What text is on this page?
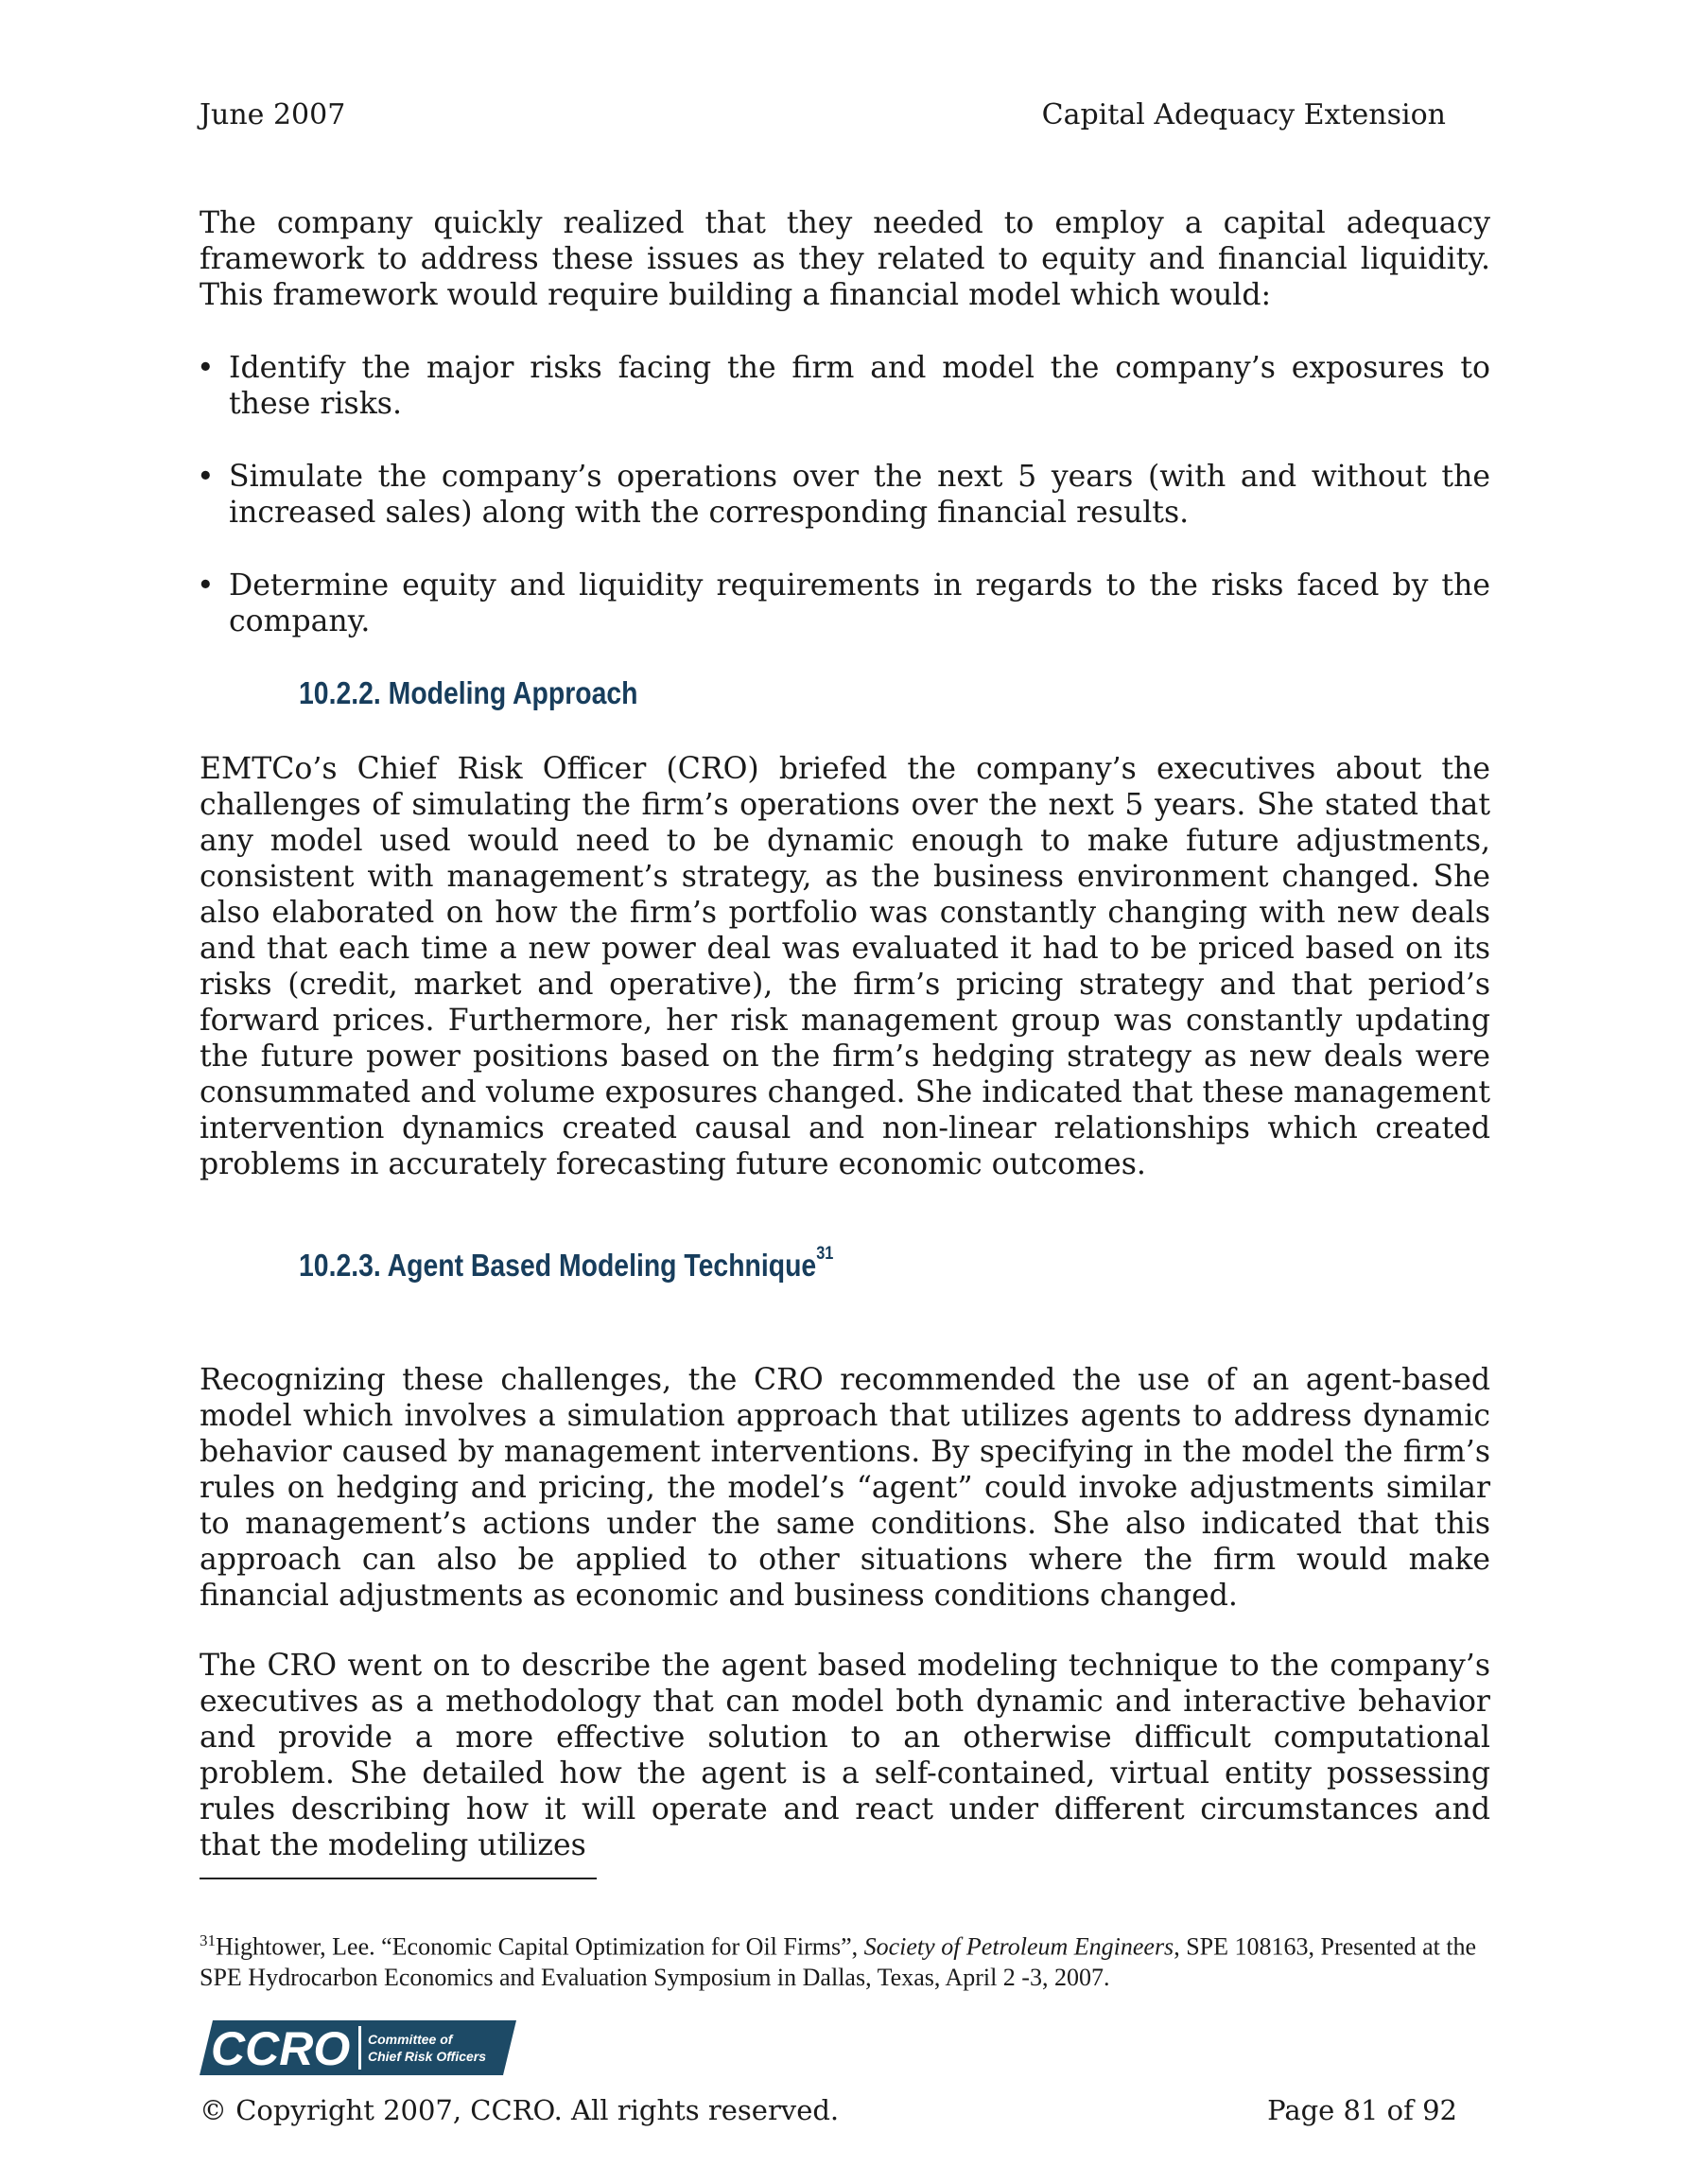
June 2007	Capital Adequacy Extension

The company quickly realized that they needed to employ a capital adequacy framework to address these issues as they related to equity and financial liquidity. This framework would require building a financial model which would:

• Identify the major risks facing the firm and model the company’s exposures to these risks.
• Simulate the company’s operations over the next 5 years (with and without the increased sales) along with the corresponding financial results.
• Determine equity and liquidity requirements in regards to the risks faced by the company.
10.2.2. Modeling Approach

EMTCo’s Chief Risk Officer (CRO) briefed the company’s executives about the challenges of simulating the firm’s operations over the next 5 years. She stated that any model used would need to be dynamic enough to make future adjustments, consistent with management’s strategy, as the business environment changed. She also elaborated on how the firm’s portfolio was constantly changing with new deals and that each time a new power deal was evaluated it had to be priced based on its risks (credit, market and operative), the firm’s pricing strategy and that period’s forward prices. Furthermore, her risk management group was constantly updating the future power positions based on the firm’s hedging strategy as new deals were consummated and volume exposures changed. She indicated that these management intervention dynamics created causal and non-linear relationships which created problems in accurately forecasting future economic outcomes.

10.2.3. Agent Based Modeling Technique$^{31}$

Recognizing these challenges, the CRO recommended the use of an agent-based model which involves a simulation approach that utilizes agents to address dynamic behavior caused by management interventions. By specifying in the model the firm’s rules on hedging and pricing, the model’s “agent” could invoke adjustments similar to management’s actions under the same conditions. She also indicated that this approach can also be applied to other situations where the firm would make financial adjustments as economic and business conditions changed.

The CRO went on to describe the agent based modeling technique to the company’s executives as a methodology that can model both dynamic and interactive behavior and provide a more effective solution to an otherwise difficult computational problem. She detailed how the agent is a self-contained, virtual entity possessing rules describing how it will operate and react under different circumstances and that the modeling utilizes

$^{31}$Hightower, Lee. “Economic Capital Optimization for Oil Firms”, Society of Petroleum Engineers, SPE 108163, Presented at the SPE Hydrocarbon Economics and Evaluation Symposium in Dallas, Texas, April 2 -3, 2007.
CCRO Committee of
Chief Risk Officers
© Copyright 2007, CCRO. All rights reserved.	Page 81 of 92
